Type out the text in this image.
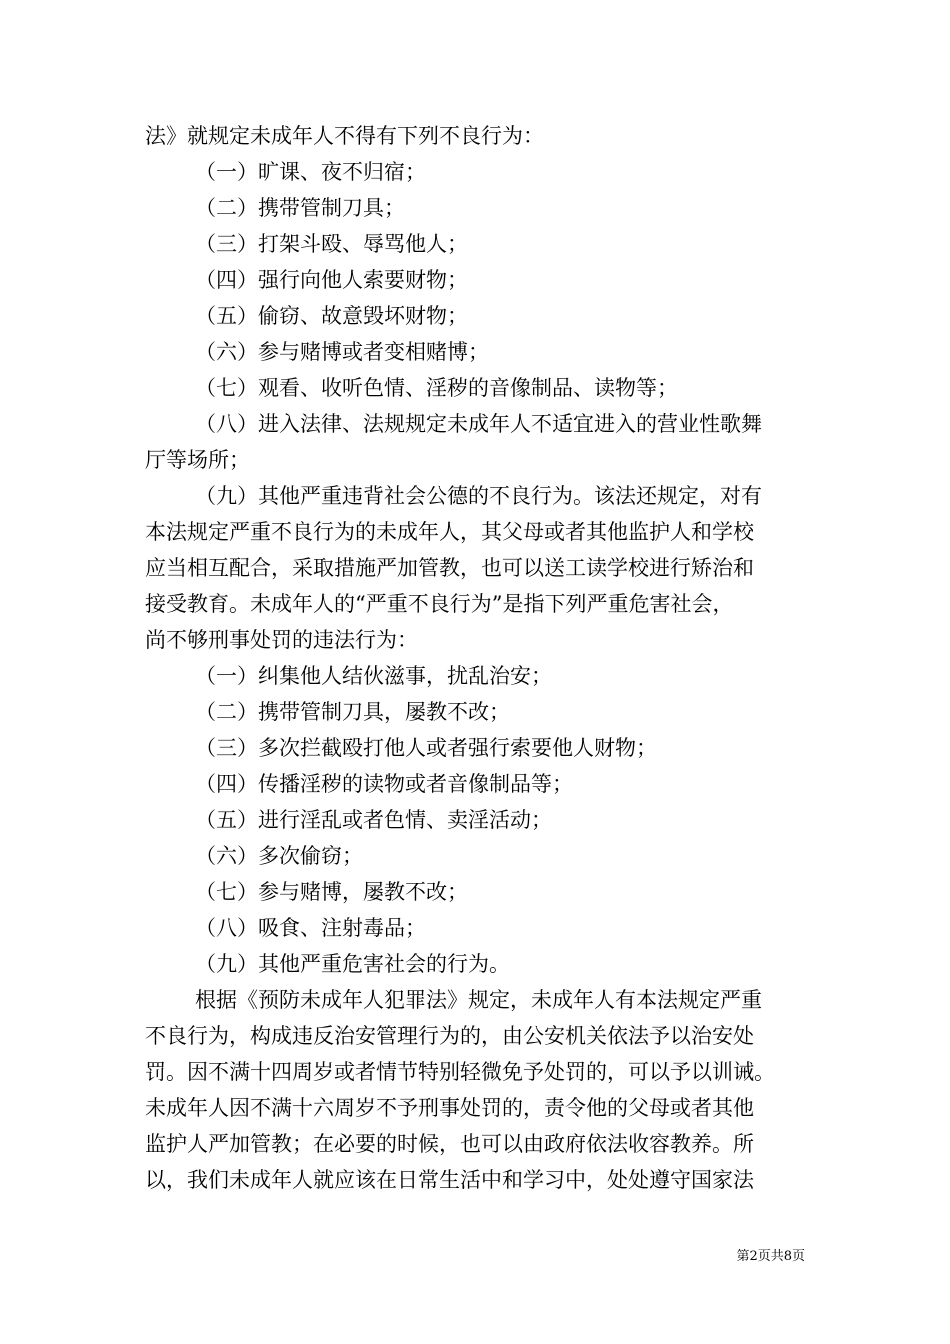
法》就规定未成年人不得有下列不良行为：
（一）旷课、夜不归宿；
（二）携带管制刀具；
（三）打架斗殴、辱骂他人；
（四）强行向他人索要财物；
（五）偷窃、故意毁坏财物；
（六）参与赌博或者变相赌博；
（七）观看、收听色情、淫秽的音像制品、读物等；
（八）进入法律、法规规定未成年人不适宜进入的营业性歌舞
厅等场所；
（九）其他严重违背社会公德的不良行为。该法还规定，对有
本法规定严重不良行为的未成年人，其父母或者其他监护人和学校
应当相互配合，采取措施严加管教，也可以送工读学校进行矫治和
接受教育。未成年人的“严重不良行为”是指下列严重危害社会，
尚不够刑事处罚的违法行为：
（一）纠集他人结伙滋事，扰乱治安；
（二）携带管制刀具，屡教不改；
（三）多次拦截殴打他人或者强行索要他人财物；
（四）传播淫秽的读物或者音像制品等；
（五）进行淫乱或者色情、卖淫活动；
（六）多次偷窃；
（七）参与赌博，屡教不改；
（八）吸食、注射毒品；
（九）其他严重危害社会的行为。
根据《预防未成年人犯罪法》规定，未成年人有本法规定严重
不良行为，构成违反治安管理行为的，由公安机关依法予以治安处
罚。因不满十四周岁或者情节特别轻微免予处罚的，可以予以训诫。
未成年人因不满十六周岁不予刑事处罚的，责令他的父母或者其他
监护人严加管教；在必要的时候，也可以由政府依法收容教养。所
以，我们未成年人就应该在日常生活中和学习中，处处遵守国家法
第2页共8页
